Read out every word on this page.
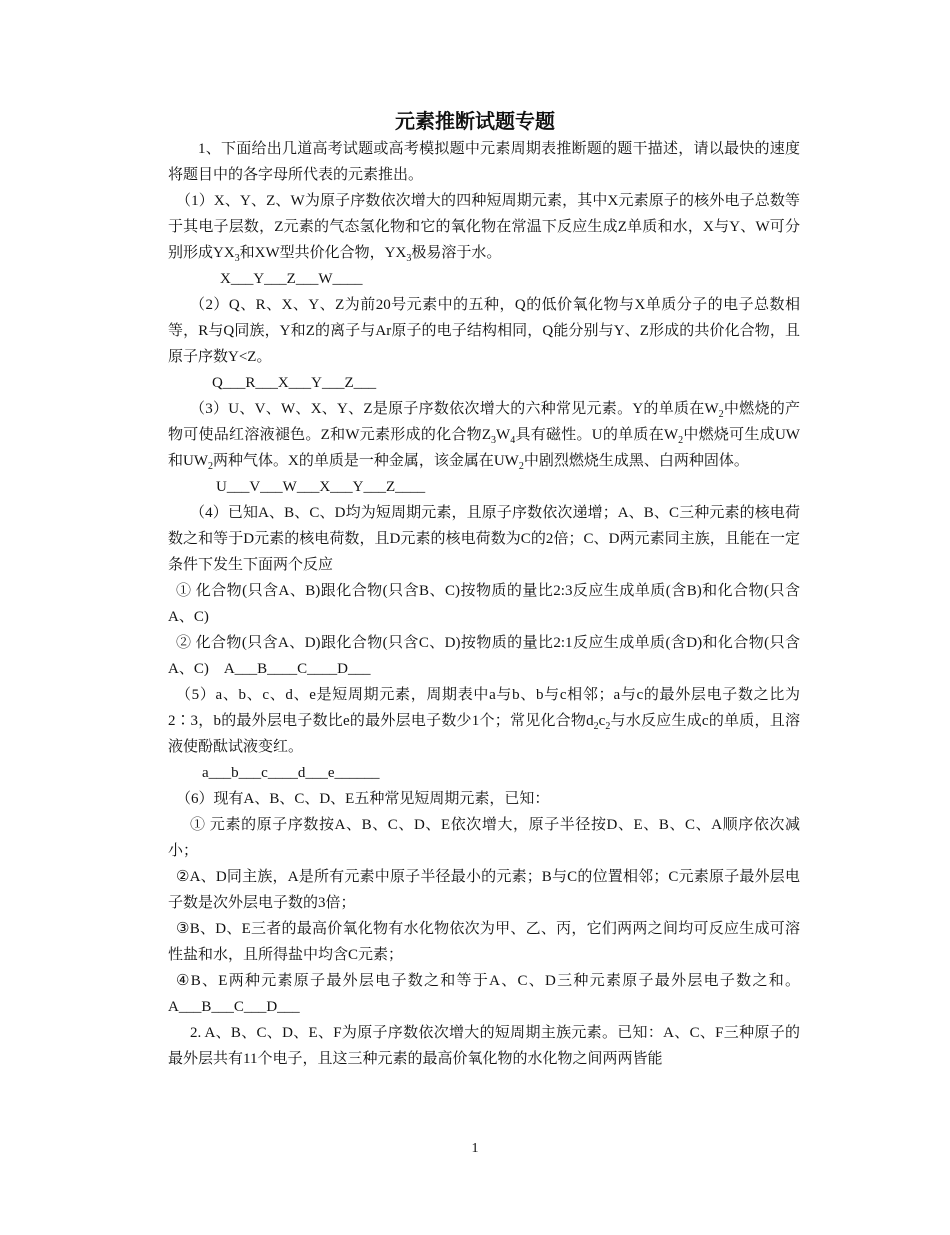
元素推断试题专题

1、下面给出几道高考试题或高考模拟题中元素周期表推断题的题干描述，请以最快的速度将题目中的各字母所代表的元素推出。

（1）X、Y、Z、W为原子序数依次增大的四种短周期元素，其中X元素原子的核外电子总数等于其电子层数，Z元素的气态氢化物和它的氧化物在常温下反应生成Z单质和水，X与Y、W可分别形成$YX_3$和XW型共价化合物，$YX_3$极易溶于水。

X___Y___Z___W____

（2）Q、R、X、Y、Z为前20号元素中的五种，Q的低价氧化物与X单质分子的电子总数相等，R与Q同族，Y和Z的离子与Ar原子的电子结构相同，Q能分别与Y、Z形成的共价化合物，且原子序数Y<Z。

Q___R___X___Y___Z___

（3）U、V、W、X、Y、Z是原子序数依次增大的六种常见元素。Y的单质在$W_2$中燃烧的产物可使品红溶液褪色。Z和W元素形成的化合物$Z_3W_4$具有磁性。U的单质在$W_2$中燃烧可生成UW和$UW_2$两种气体。X的单质是一种金属，该金属在$UW_2$中剧烈燃烧生成黑、白两种固体。

U___V___W___X___Y___Z____

（4）已知A、B、C、D均为短周期元素，且原子序数依次递增；A、B、C三种元素的核电荷数之和等于D元素的核电荷数，且D元素的核电荷数为C的2倍；C、D两元素同主族，且能在一定条件下发生下面两个反应

① 化合物(只含A、B)跟化合物(只含B、C)按物质的量比2:3反应生成单质(含B)和化合物(只含A、C)

② 化合物(只含A、D)跟化合物(只含C、D)按物质的量比2:1反应生成单质(含D)和化合物(只含A、C)　A___B____C____D___

（5）a、b、c、d、e是短周期元素，周期表中a与b、b与c相邻；a与c的最外层电子数之比为2∶3，b的最外层电子数比e的最外层电子数少1个；常见化合物$d_2c_2$与水反应生成c的单质，且溶液使酚酞试液变红。

a___b___c____d___e______

（6）现有A、B、C、D、E五种常见短周期元素，已知：

① 元素的原子序数按A、B、C、D、E依次增大，原子半径按D、E、B、C、A顺序依次减小；

②A、D同主族，A是所有元素中原子半径最小的元素；B与C的位置相邻；C元素原子最外层电子数是次外层电子数的3倍；

③B、D、E三者的最高价氧化物有水化物依次为甲、乙、丙，它们两两之间均可反应生成可溶性盐和水，且所得盐中均含C元素；

④B、E两种元素原子最外层电子数之和等于A、C、D三种元素原子最外层电子数之和。A___B___C___D___

2. A、B、C、D、E、F为原子序数依次增大的短周期主族元素。已知：A、C、F三种原子的最外层共有11个电子，且这三种元素的最高价氧化物的水化物之间两两皆能

1
